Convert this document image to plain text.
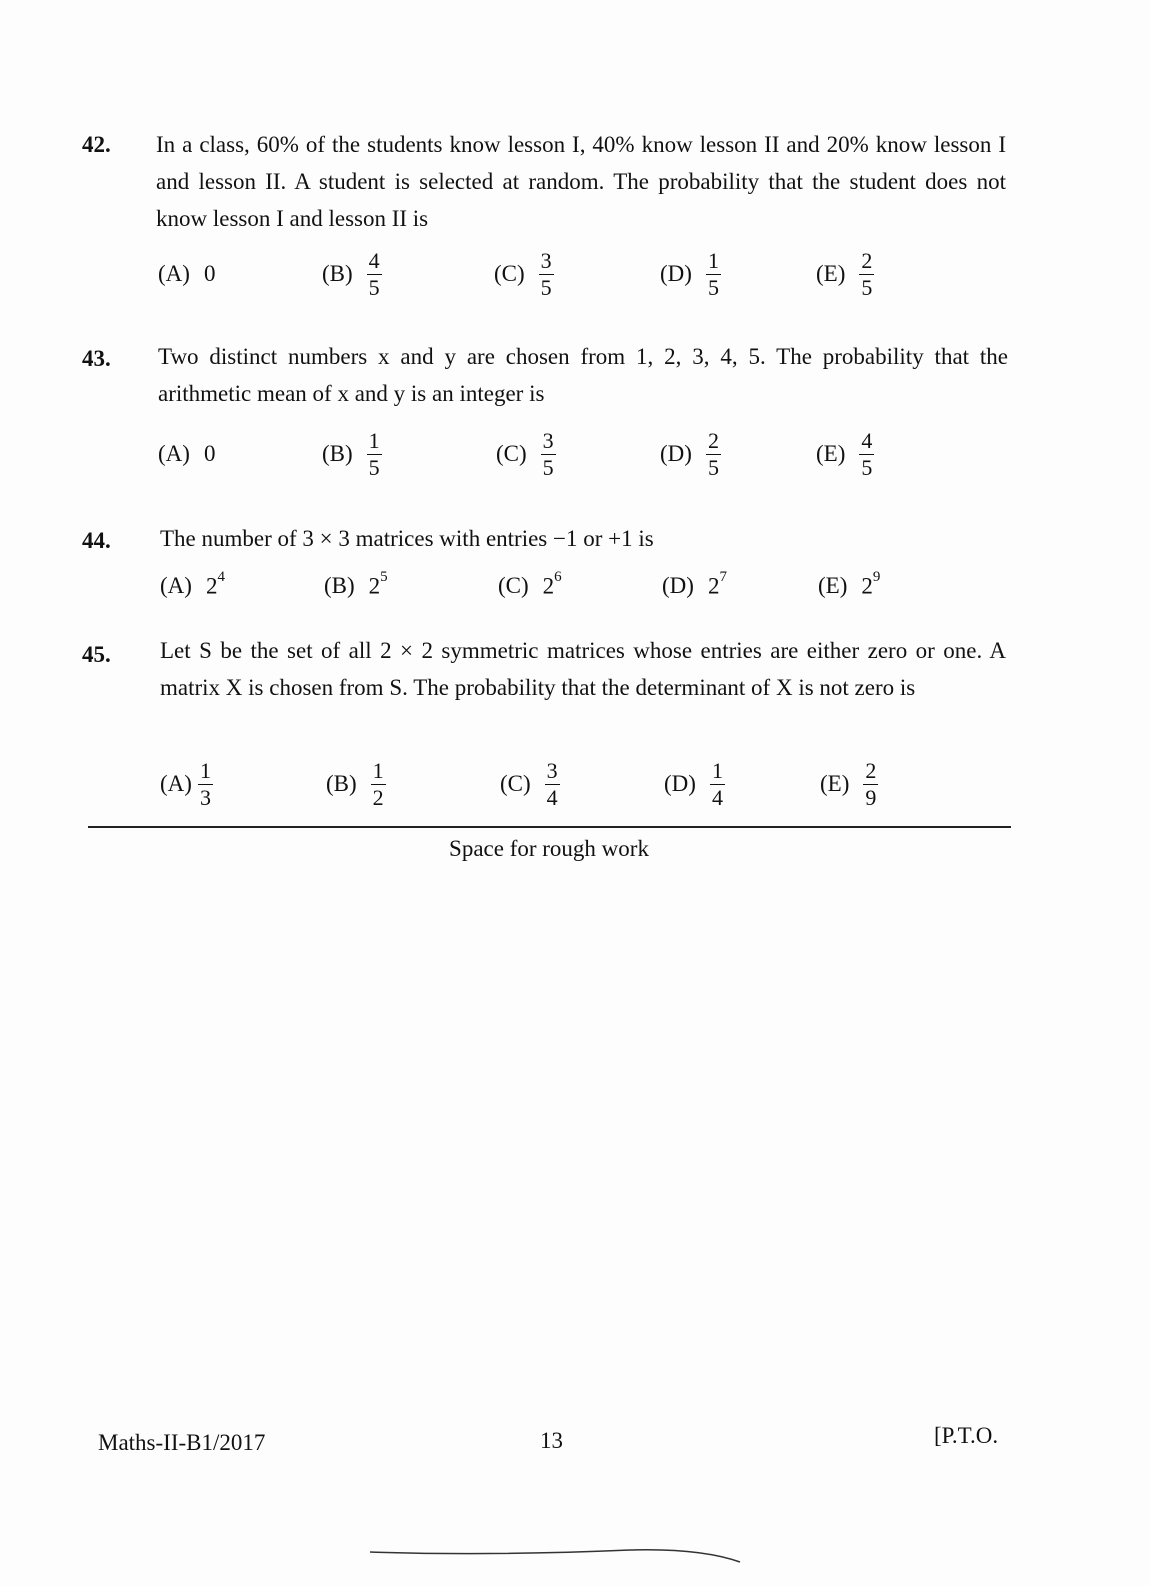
42. In a class, 60% of the students know lesson I, 40% know lesson II and 20% know lesson I and lesson II. A student is selected at random. The probability that the student does not know lesson I and lesson II is
(A) 0	$(B) \frac{4}{5}$	$(C) \frac{3}{5}$	$(D) \frac{1}{5}$	$(E) \frac{2}{5}$
43. Two distinct numbers x and y are chosen from 1, 2, 3, 4, 5. The probability that the arithmetic mean of x and y is an integer is
(A) 0	$(B) \frac{1}{5}$	$(C) \frac{3}{5}$	$(D) \frac{2}{5}$	$(E) \frac{4}{5}$
44. The number of 3 × 3 matrices with entries −1 or +1 is
(A) $2^4$	(B) $2^5$	(C) $2^6$	(D) $2^7$	(E) $2^9$
45. Let S be the set of all 2 × 2 symmetric matrices whose entries are either zero or one. A matrix X is chosen from S. The probability that the determinant of X is not zero is
$(A) \frac{1}{3}$	$(B) \frac{1}{2}$	$(C) \frac{3}{4}$	$(D) \frac{1}{4}$	$(E) \frac{2}{9}$
Space for rough work
Maths-II-B1/2017	13	[P.T.O.
